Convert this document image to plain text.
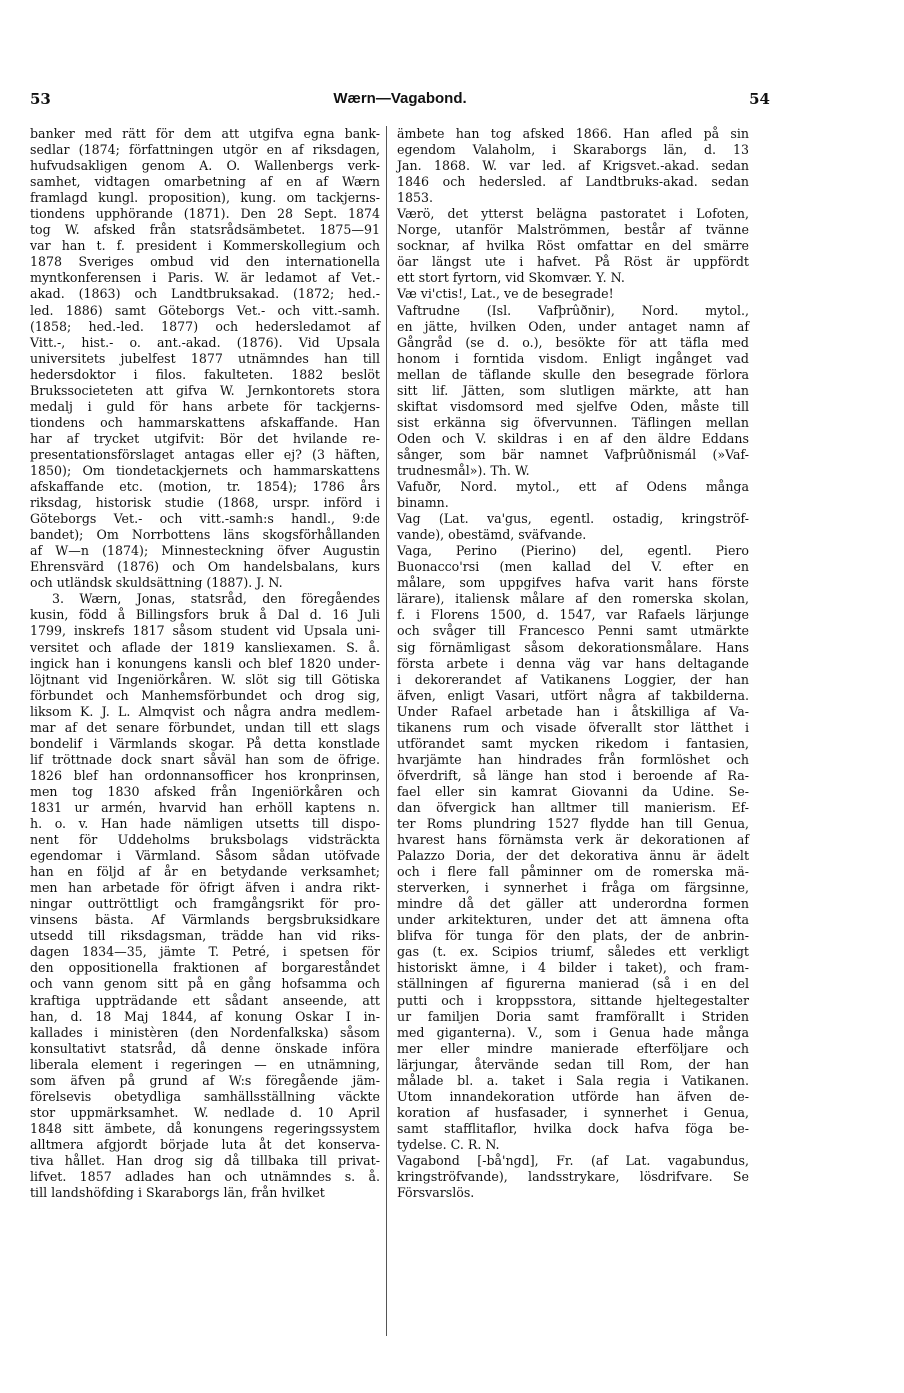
53	Wærn—Vagabond.	54
banker med rätt för dem att utgifva egna bank-
sedlar (1874; författningen utgör en af riksdagen,
hufvudsakligen genom A. O. Wallenbergs verk-
samhet, vidtagen omarbetning af en af Wærn
framlagd kungl. proposition), kung. om tackjerns-
tiondens upphörande (1871). Den 28 Sept. 1874
tog W. afsked från statsrådsämbetet. 1875—91
var han t. f. president i Kommerskollegium och
1878 Sveriges ombud vid den internationella
myntkonferensen i Paris. W. är ledamot af Vet.-
akad. (1863) och Landtbruksakad. (1872; hed.-
led. 1886) samt Göteborgs Vet.- och vitt.-samh.
(1858; hed.-led. 1877) och hedersledamot af
Vitt.-, hist.- o. ant.-akad. (1876). Vid Upsala
universitets jubelfest 1877 utnämndes han till
hedersdoktor i filos. fakulteten. 1882 beslöt
Brukssocieteten att gifva W. Jernkontorets stora
medalj i guld för hans arbete för tackjerns-
tiondens och hammarskattens afskaffande. Han
har af trycket utgifvit: Bör det hvilande re-
presentationsförslaget antagas eller ej? (3 häften,
1850); Om tiondetackjernets och hammarskattens
afskaffande etc. (motion, tr. 1854); 1786 års
riksdag, historisk studie (1868, urspr. införd i
Göteborgs Vet.- och vitt.-samh:s handl., 9:de
bandet); Om Norrbottens läns skogsförhållanden
af W—n (1874); Minnesteckning öfver Augustin
Ehrensvärd (1876) och Om handelsbalans, kurs
och utländsk skuldsättning (1887). J. N.
3. Wærn, Jonas, statsråd, den föregåendes
kusin, född å Billingsfors bruk å Dal d. 16 Juli
1799, inskrefs 1817 såsom student vid Upsala uni-
versitet och aflade der 1819 kansliexamen. S. å.
ingick han i konungens kansli och blef 1820 under-
löjtnant vid Ingeniörkåren. W. slöt sig till Götiska
förbundet och Manhemsförbundet och drog sig,
liksom K. J. L. Almqvist och några andra medlem-
mar af det senare förbundet, undan till ett slags
bondelif i Värmlands skogar. På detta konstlade
lif tröttnade dock snart såväl han som de öfrige.
1826 blef han ordonnansofficer hos kronprinsen,
men tog 1830 afsked från Ingeniörkåren och
1831 ur armén, hvarvid han erhöll kaptens n.
h. o. v. Han hade nämligen utsetts till dispo-
nent för Uddeholms bruksbolags vidsträckta
egendomar i Värmland. Såsom sådan utöfvade
han en följd af år en betydande verksamhet;
men han arbetade för öfrigt äfven i andra rikt-
ningar outtröttligt och framgångsrikt för pro-
vinsens bästa. Af Värmlands bergsbruksidkare
utsedd till riksdagsman, trädde han vid riks-
dagen 1834—35, jämte T. Petré, i spetsen för
den oppositionella fraktionen af borgareståndet
och vann genom sitt på en gång hofsamma och
kraftiga uppträdande ett sådant anseende, att
han, d. 18 Maj 1844, af konung Oskar I in-
kallades i ministèren (den Nordenfalkska) såsom
konsultativt statsråd, då denne önskade införa
liberala element i regeringen — en utnämning,
som äfven på grund af W:s föregående jäm-
förelsevis obetydliga samhällsställning väckte
stor uppmärksamhet. W. nedlade d. 10 April
1848 sitt ämbete, då konungens regeringssystem
alltmera afgjordt började luta åt det konserva-
tiva hållet. Han drog sig då tillbaka till privat-
lifvet. 1857 adlades han och utnämndes s. å.
till landshöfding i Skaraborgs län, från hvilket
ämbete han tog afsked 1866. Han afled på sin
egendom Valaholm, i Skaraborgs län, d. 13
Jan. 1868. W. var led. af Krigsvet.-akad. sedan
1846 och hedersled. af Landtbruks-akad. sedan
1853.
Værö, det ytterst belägna pastoratet i Lofoten,
Norge, utanför Malströmmen, består af tvänne
socknar, af hvilka Röst omfattar en del smärre
öar längst ute i hafvet. På Röst är uppfördt
ett stort fyrtorn, vid Skomvær. Y. N.
Væ vi'ctis!, Lat., ve de besegrade!
Vaftrudne (Isl. Vafþrûðnir), Nord. mytol.,
en jätte, hvilken Oden, under antaget namn af
Gångråd (se d. o.), besökte för att täfla med
honom i forntida visdom. Enligt ingånget vad
mellan de täflande skulle den besegrade förlora
sitt lif. Jätten, som slutligen märkte, att han
skiftat visdomsord med sjelfve Oden, måste till
sist erkänna sig öfvervunnen. Täflingen mellan
Oden och V. skildras i en af den äldre Eddans
sånger, som bär namnet Vafþrûðnismál (»Vaf-
trudnesmål»). Th. W.
Vafuðr, Nord. mytol., ett af Odens många
binamn.
Vag (Lat. va'gus, egentl. ostadig, kringströf-
vande), obestämd, sväfvande.
Vaga, Perino (Pierino) del, egentl. Piero
Buonacco'rsi (men kallad del V. efter en
målare, som uppgifves hafva varit hans förste
lärare), italiensk målare af den romerska skolan,
f. i Florens 1500, d. 1547, var Rafaels lärjunge
och svåger till Francesco Penni samt utmärkte
sig förnämligast såsom dekorationsmålare. Hans
första arbete i denna väg var hans deltagande
i dekorerandet af Vatikanens Loggier, der han
äfven, enligt Vasari, utfört några af takbilderna.
Under Rafael arbetade han i åtskilliga af Va-
tikanens rum och visade öfverallt stor lätthet i
utförandet samt mycken rikedom i fantasien,
hvarjämte han hindrades från formlöshet och
öfverdrift, så länge han stod i beroende af Ra-
fael eller sin kamrat Giovanni da Udine. Se-
dan öfvergick han alltmer till manierism. Ef-
ter Roms plundring 1527 flydde han till Genua,
hvarest hans förnämsta verk är dekorationen af
Palazzo Doria, der det dekorativa ännu är ädelt
och i flere fall påminner om de romerska mä-
sterverken, i synnerhet i fråga om färgsinne,
mindre då det gäller att underordna formen
under arkitekturen, under det att ämnena ofta
blifva för tunga för den plats, der de anbrin-
gas (t. ex. Scipios triumf, således ett verkligt
historiskt ämne, i 4 bilder i taket), och fram-
ställningen af figurerna manierad (så i en del
putti och i kroppsstora, sittande hjeltegestalter
ur familjen Doria samt framförallt i Striden
med giganterna). V., som i Genua hade många
mer eller mindre manierade efterföljare och
lärjungar, återvände sedan till Rom, der han
målade bl. a. taket i Sala regia i Vatikanen.
Utom innandekoration utförde han äfven de-
koration af husfasader, i synnerhet i Genua,
samt stafflitaflor, hvilka dock hafva föga be-
tydelse. C. R. N.
Vagabond [-bå'ngd], Fr. (af Lat. vagabundus,
kringströfvande), landsstrykare, lösdrifvare. Se
Försvarslös.
